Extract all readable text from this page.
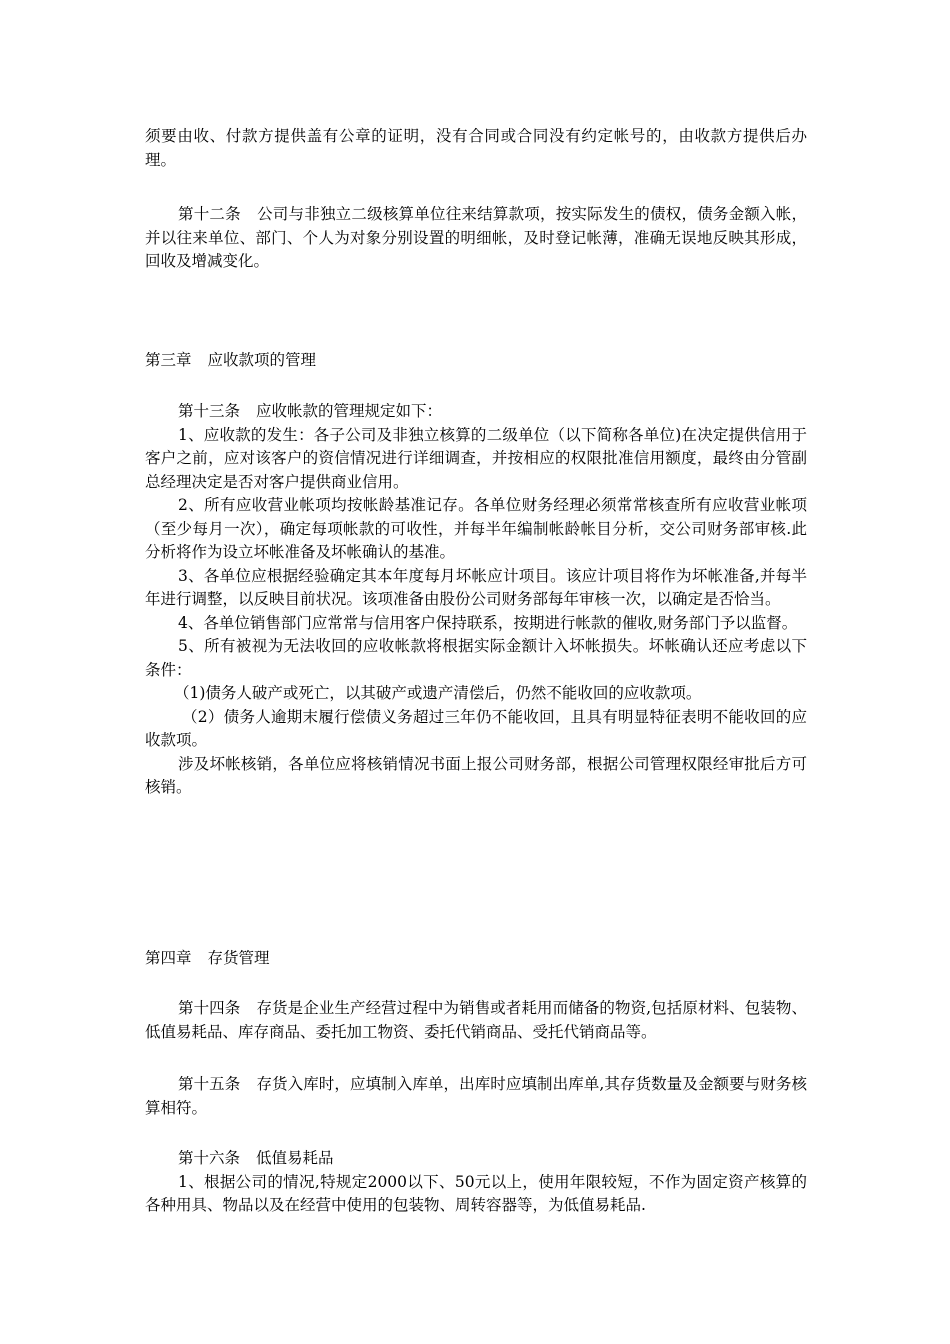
须要由收、付款方提供盖有公章的证明，没有合同或合同没有约定帐号的，由收款方提供后办理。

第十二条 公司与非独立二级核算单位往来结算款项，按实际发生的债权，债务金额入帐，并以往来单位、部门、个人为对象分别设置的明细帐，及时登记帐薄，准确无误地反映其形成，回收及增减变化。

第三章 应收款项的管理

第十三条 应收帐款的管理规定如下：
1、应收款的发生：各子公司及非独立核算的二级单位（以下简称各单位)在决定提供信用于客户之前，应对该客户的资信情况进行详细调查，并按相应的权限批准信用额度，最终由分管副总经理决定是否对客户提供商业信用。
2、所有应收营业帐项均按帐龄基准记存。各单位财务经理必须常常核查所有应收营业帐项（至少每月一次），确定每项帐款的可收性，并每半年编制帐龄帐目分析，交公司财务部审核.此分析将作为设立坏帐准备及坏帐确认的基准。
3、各单位应根据经验确定其本年度每月坏帐应计项目。该应计项目将作为坏帐准备,并每半年进行调整，以反映目前状况。该项准备由股份公司财务部每年审核一次，以确定是否恰当。
4、各单位销售部门应常常与信用客户保持联系，按期进行帐款的催收,财务部门予以监督。
5、所有被视为无法收回的应收帐款将根据实际金额计入坏帐损失。坏帐确认还应考虑以下条件：
（1)债务人破产或死亡，以其破产或遗产清偿后，仍然不能收回的应收款项。
（2）债务人逾期末履行偿债义务超过三年仍不能收回，且具有明显特征表明不能收回的应收款项。
涉及坏帐核销，各单位应将核销情况书面上报公司财务部，根据公司管理权限经审批后方可核销。

第四章 存货管理

第十四条 存货是企业生产经营过程中为销售或者耗用而储备的物资,包括原材料、包装物、低值易耗品、库存商品、委托加工物资、委托代销商品、受托代销商品等。

第十五条 存货入库时，应填制入库单，出库时应填制出库单,其存货数量及金额要与财务核算相符。

第十六条 低值易耗品
1、根据公司的情况,特规定2000以下、50元以上，使用年限较短，不作为固定资产核算的各种用具、物品以及在经营中使用的包装物、周转容器等，为低值易耗品.
